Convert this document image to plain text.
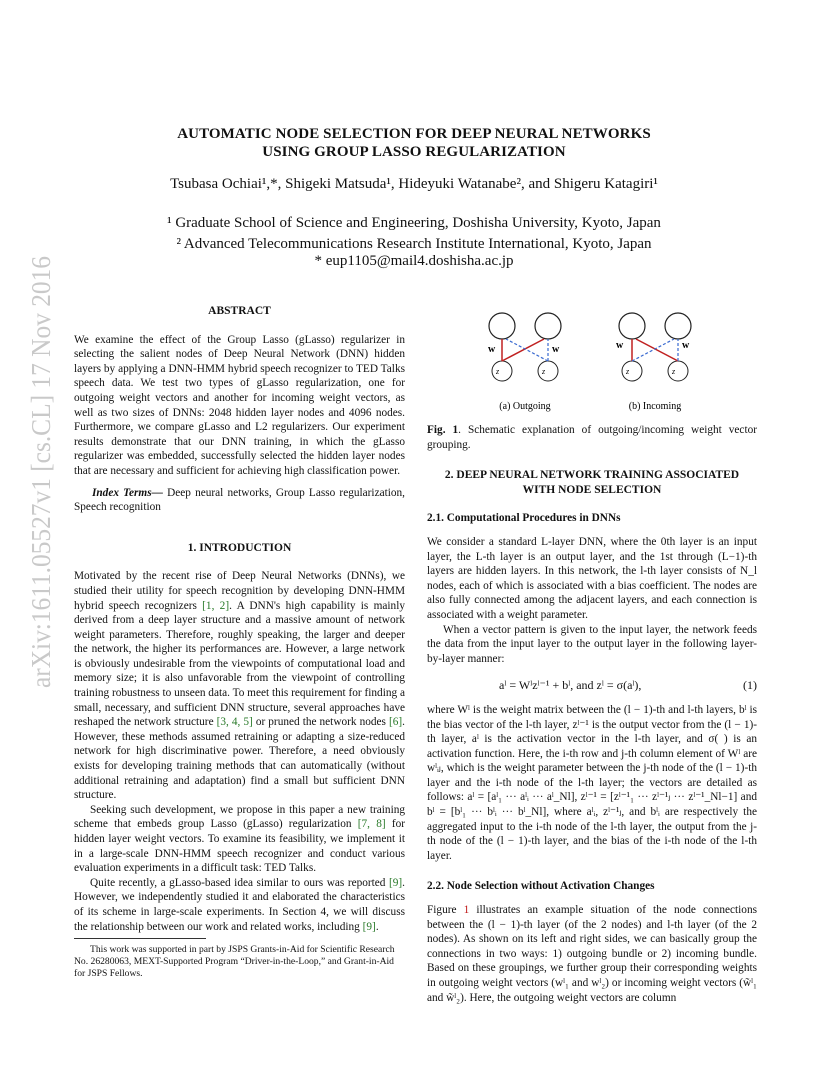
arXiv:1611.05527v1 [cs.CL] 17 Nov 2016
AUTOMATIC NODE SELECTION FOR DEEP NEURAL NETWORKS
USING GROUP LASSO REGULARIZATION
Tsubasa Ochiai¹,*, Shigeki Matsuda¹, Hideyuki Watanabe², and Shigeru Katagiri¹
¹ Graduate School of Science and Engineering, Doshisha University, Kyoto, Japan
² Advanced Telecommunications Research Institute International, Kyoto, Japan
* eup1105@mail4.doshisha.ac.jp

ABSTRACT

We examine the effect of the Group Lasso (gLasso) regularizer in selecting the salient nodes of Deep Neural Network (DNN) hidden layers by applying a DNN-HMM hybrid speech recognizer to TED Talks speech data. We test two types of gLasso regularization, one for outgoing weight vectors and another for incoming weight vectors, as well as two sizes of DNNs: 2048 hidden layer nodes and 4096 nodes. Furthermore, we compare gLasso and L2 regularizers. Our experiment results demonstrate that our DNN training, in which the gLasso regularizer was embedded, successfully selected the hidden layer nodes that are necessary and sufficient for achieving high classification power.

Index Terms— Deep neural networks, Group Lasso regularization, Speech recognition

1. INTRODUCTION

Motivated by the recent rise of Deep Neural Networks (DNNs), we studied their utility for speech recognition by developing DNN-HMM hybrid speech recognizers [1, 2]. A DNN's high capability is mainly derived from a deep layer structure and a massive amount of network weight parameters. Therefore, roughly speaking, the larger and deeper the network, the higher its performances are. However, a large network is obviously undesirable from the viewpoints of computational load and memory size; it is also unfavorable from the viewpoint of controlling training robustness to unseen data. To meet this requirement for finding a small, necessary, and sufficient DNN structure, several approaches have reshaped the network structure [3, 4, 5] or pruned the network nodes [6]. However, these methods assumed retraining or adapting a size-reduced network for high discriminative power. Therefore, a need obviously exists for developing training methods that can automatically (without additional retraining and adaptation) find a small but sufficient DNN structure.

Seeking such development, we propose in this paper a new training scheme that embeds group Lasso (gLasso) regularization [7, 8] for hidden layer weight vectors. To examine its feasibility, we implement it in a large-scale DNN-HMM speech recognizer and conduct various evaluation experiments in a difficult task: TED Talks.

Quite recently, a gLasso-based idea similar to ours was reported [9]. However, we independently studied it and elaborated the characteristics of its scheme in large-scale experiments. In Section 4, we will discuss the relationship between our work and related works, including [9].

This work was supported in part by JSPS Grants-in-Aid for Scientific Research No. 26280063, MEXT-Supported Program “Driver-in-the-Loop,” and Grant-in-Aid for JSPS Fellows.
w	w
z	z
w	w
z	z
(a) Outgoing	(b) Incoming

Fig. 1. Schematic explanation of outgoing/incoming weight vector grouping.

2. DEEP NEURAL NETWORK TRAINING ASSOCIATED
WITH NODE SELECTION

2.1. Computational Procedures in DNNs

We consider a standard L-layer DNN, where the 0th layer is an input layer, the L-th layer is an output layer, and the 1st through (L−1)-th layers are hidden layers. In this network, the l-th layer consists of N_l nodes, each of which is associated with a bias coefficient. The nodes are also fully connected among the adjacent layers, and each connection is associated with a weight parameter.

When a vector pattern is given to the input layer, the network feeds the data from the input layer to the output layer in the following layer-by-layer manner:

aˡ = Wˡzˡ⁻¹ + bˡ, and zˡ = σ(aˡ),	(1)

where Wˡ is the weight matrix between the (l − 1)-th and l-th layers, bˡ is the bias vector of the l-th layer, zˡ⁻¹ is the output vector from the (l − 1)-th layer, aˡ is the activation vector in the l-th layer, and σ( ) is an activation function. Here, the i-th row and j-th column element of Wˡ are wˡᵢⱼ, which is the weight parameter between the j-th node of the (l − 1)-th layer and the i-th node of the l-th layer; the vectors are detailed as follows: aˡ = [aˡ₁ ··· aˡᵢ ··· aˡ_Nl], zˡ⁻¹ = [zˡ⁻¹₁ ··· zˡ⁻¹ⱼ ··· zˡ⁻¹_Nl−1] and bˡ = [bˡ₁ ··· bˡᵢ ··· bˡ_Nl], where aˡᵢ, zˡ⁻¹ⱼ, and bˡᵢ are respectively the aggregated input to the i-th node of the l-th layer, the output from the j-th node of the (l − 1)-th layer, and the bias of the i-th node of the l-th layer.

2.2. Node Selection without Activation Changes

Figure 1 illustrates an example situation of the node connections between the (l − 1)-th layer (of the 2 nodes) and l-th layer (of the 2 nodes). As shown on its left and right sides, we can basically group the connections in two ways: 1) outgoing bundle or 2) incoming bundle. Based on these groupings, we further group their corresponding weights in outgoing weight vectors (wˡ₁ and wˡ₂) or incoming weight vectors (w̃ˡ₁ and w̃ˡ₂). Here, the outgoing weight vectors are column
